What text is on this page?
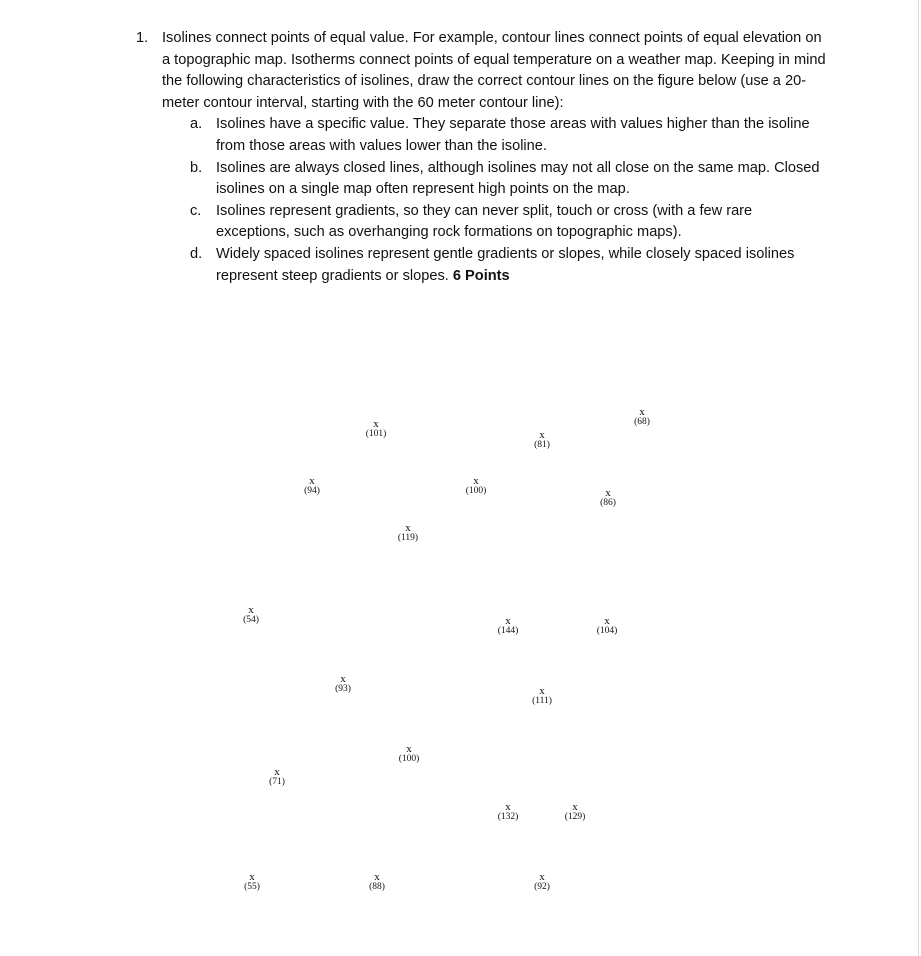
1. Isolines connect points of equal value. For example, contour lines connect points of equal elevation on a topographic map. Isotherms connect points of equal temperature on a weather map. Keeping in mind the following characteristics of isolines, draw the correct contour lines on the figure below (use a 20-meter contour interval, starting with the 60 meter contour line):
a. Isolines have a specific value. They separate those areas with values higher than the isoline from those areas with values lower than the isoline.
b. Isolines are always closed lines, although isolines may not all close on the same map. Closed isolines on a single map often represent high points on the map.
c. Isolines represent gradients, so they can never split, touch or cross (with a few rare exceptions, such as overhanging rock formations on topographic maps).
d. Widely spaced isolines represent gentle gradients or slopes, while closely spaced isolines represent steep gradients or slopes. 6 Points
x
(68)
x
(101)	x
(81)
x
(94)
x
(100)	x
(86)
x
(119)
x
(54)	x
(144)
x
(104)
x
(93)	x
(111)
x
(100)
x
(71)
x
(132)
x
(129)
x
(55)
x
(88)
x
(92)
